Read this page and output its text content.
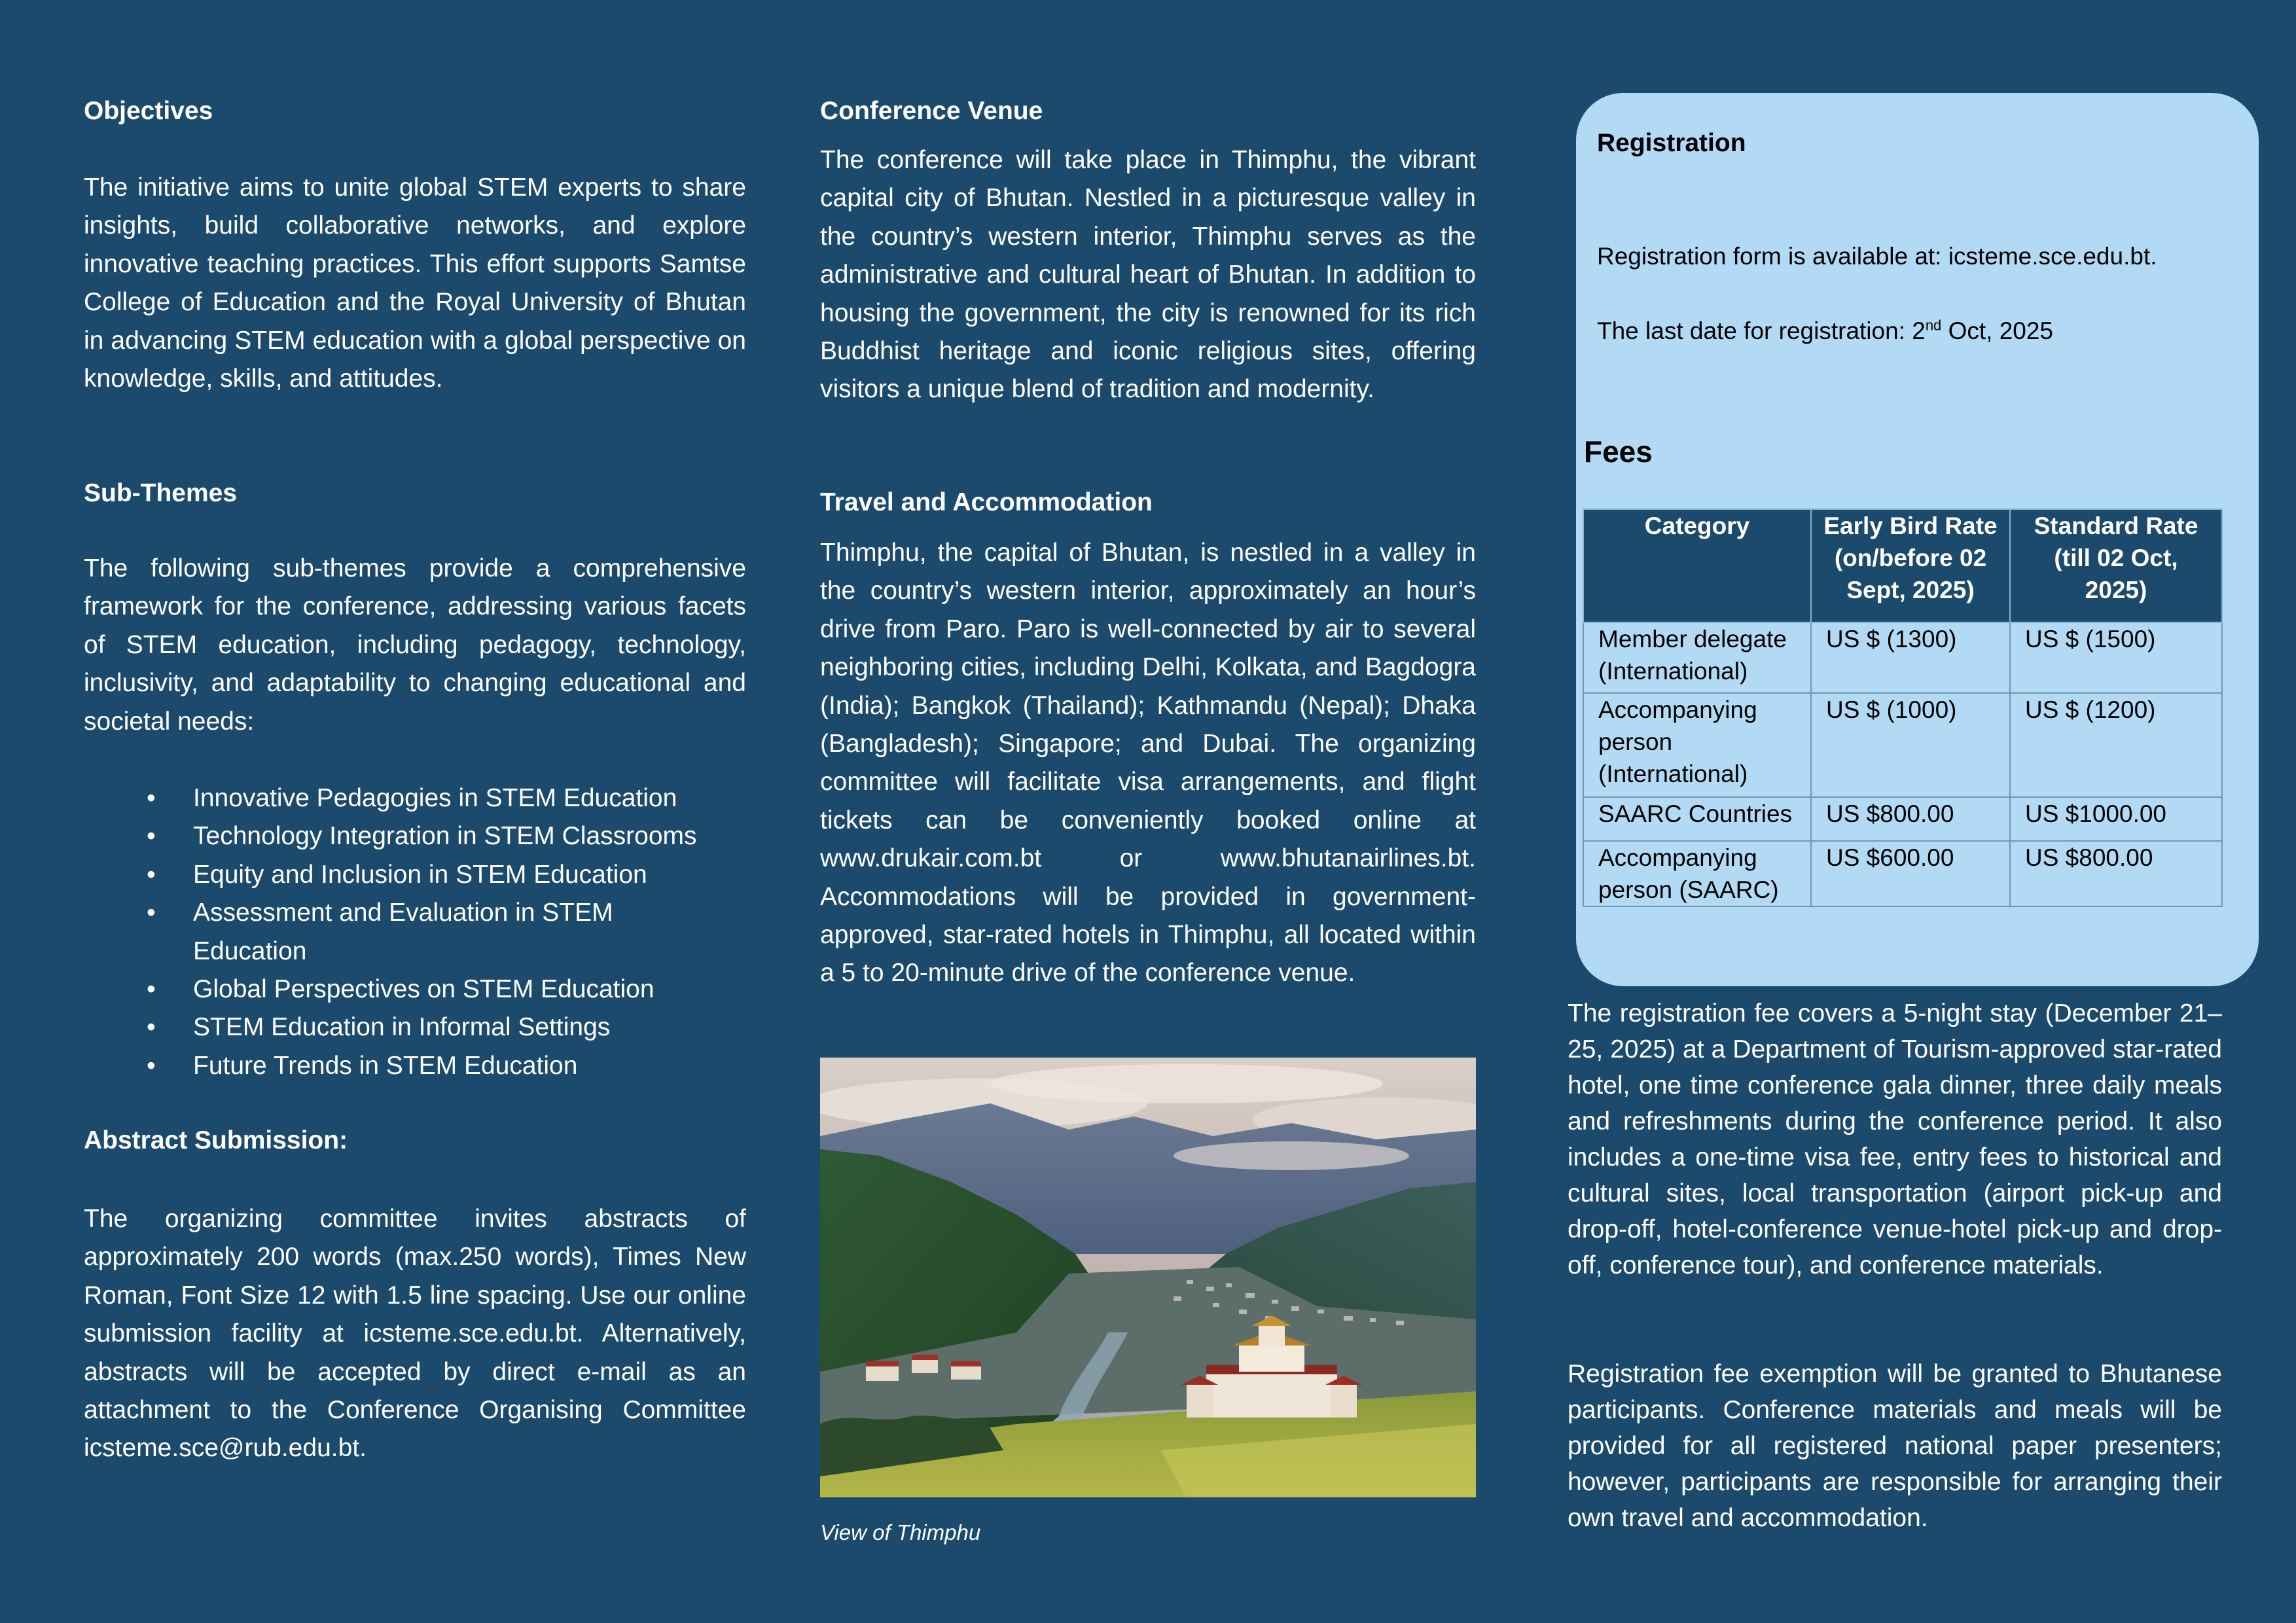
Objectives

The initiative aims to unite global STEM experts to share insights, build collaborative networks, and explore innovative teaching practices. This effort supports Samtse College of Education and the Royal University of Bhutan in advancing STEM education with a global perspective on knowledge, skills, and attitudes.

Sub-Themes

The following sub-themes provide a comprehensive framework for the conference, addressing various facets of STEM education, including pedagogy, technology, inclusivity, and adaptability to changing educational and societal needs:

• Innovative Pedagogies in STEM Education
• Technology Integration in STEM Classrooms
• Equity and Inclusion in STEM Education
• Assessment and Evaluation in STEM Education
• Global Perspectives on STEM Education
• STEM Education in Informal Settings
• Future Trends in STEM Education
Abstract Submission:

The organizing committee invites abstracts of approximately 200 words (max.250 words), Times New Roman, Font Size 12 with 1.5 line spacing. Use our online submission facility at icsteme.sce.edu.bt. Alternatively, abstracts will be accepted by direct e-mail as an attachment to the Conference Organising Committee icsteme.sce@rub.edu.bt.

Conference Venue

The conference will take place in Thimphu, the vibrant capital city of Bhutan. Nestled in a picturesque valley in the country’s western interior, Thimphu serves as the administrative and cultural heart of Bhutan. In addition to housing the government, the city is renowned for its rich Buddhist heritage and iconic religious sites, offering visitors a unique blend of tradition and modernity.

Travel and Accommodation

Thimphu, the capital of Bhutan, is nestled in a valley in the country’s western interior, approximately an hour’s drive from Paro. Paro is well-connected by air to several neighboring cities, including Delhi, Kolkata, and Bagdogra (India); Bangkok (Thailand); Kathmandu (Nepal); Dhaka (Bangladesh); Singapore; and Dubai. The organizing committee will facilitate visa arrangements, and flight tickets can be conveniently booked online at www.drukair.com.bt or www.bhutanairlines.bt. Accommodations will be provided in government-approved, star-rated hotels in Thimphu, all located within a 5 to 20-minute drive of the conference venue.

View of Thimphu

Registration

Registration form is available at: icsteme.sce.edu.bt.

The last date for registration: 2nd Oct, 2025

Fees
Category	Early Bird Rate (on/before 02 Sept, 2025)	Standard Rate (till 02 Oct, 2025)
Member delegate (International)	US $ (1300)	US $ (1500)
Accompanying person (International)	US $ (1000)	US $ (1200)
SAARC Countries	US $800.00	US $1000.00
Accompanying person (SAARC)	US $600.00	US $800.00

The registration fee covers a 5-night stay (December 21–25, 2025) at a Department of Tourism-approved star-rated hotel, one time conference gala dinner, three daily meals and refreshments during the conference period. It also includes a one-time visa fee, entry fees to historical and cultural sites, local transportation (airport pick-up and drop-off, hotel-conference venue-hotel pick-up and drop-off, conference tour), and conference materials.

Registration fee exemption will be granted to Bhutanese participants. Conference materials and meals will be provided for all registered national paper presenters; however, participants are responsible for arranging their own travel and accommodation.
